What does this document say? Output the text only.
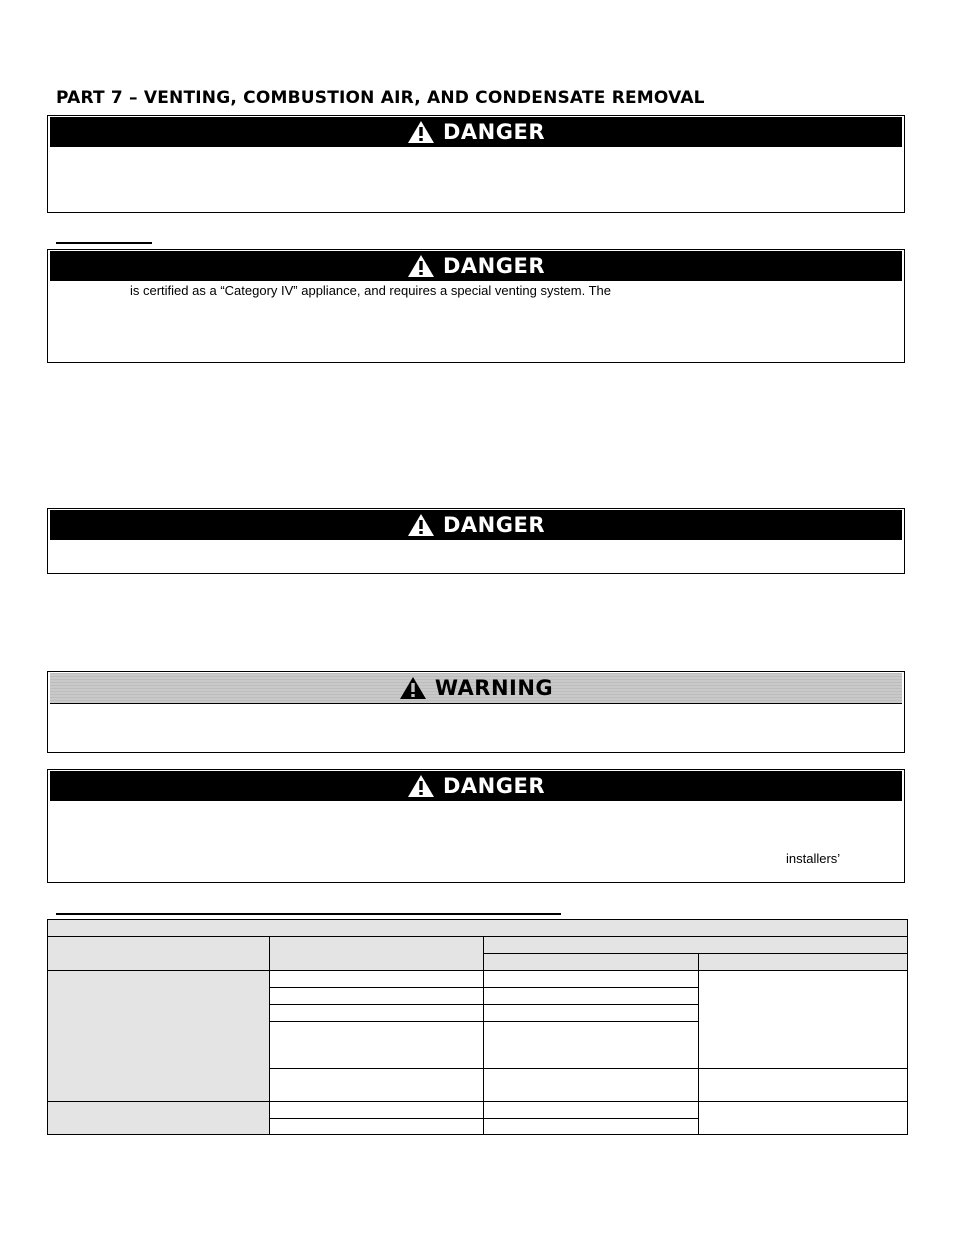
PART 7 – VENTING, COMBUSTION AIR, AND CONDENSATE REMOVAL
DANGER
DANGER
is certified as a “Category IV” appliance, and requires a special venting system. The
DANGER
WARNING
DANGER
installers’
